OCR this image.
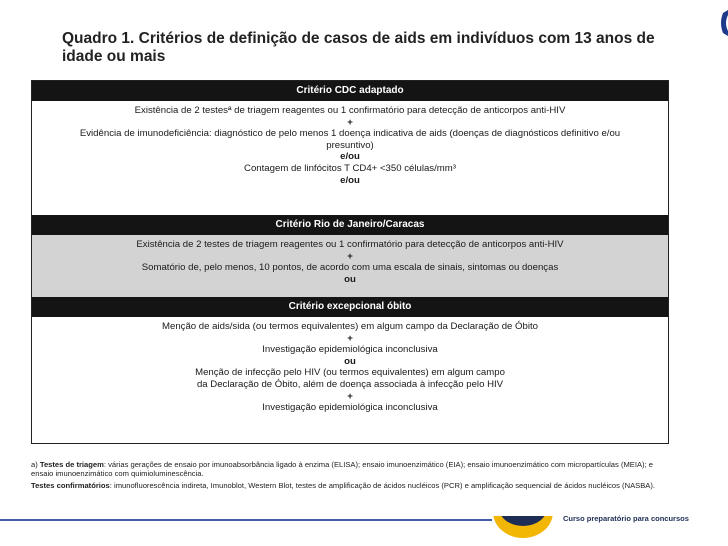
Quadro 1. Critérios de definição de casos de aids em indivíduos com 13 anos de idade ou mais
Critério CDC adaptado
Existência de 2 testesª de triagem reagentes ou 1 confirmatório para detecção de anticorpos anti-HIV
+
Evidência de imunodeficiência: diagnóstico de pelo menos 1 doença indicativa de aids (doenças de diagnósticos definitivo e/ou presuntivo)
e/ou
Contagem de linfócitos T CD4+ <350 células/mm³
e/ou
Critério Rio de Janeiro/Caracas
Existência de 2 testes de triagem reagentes ou 1 confirmatório para detecção de anticorpos anti-HIV
+
Somatório de, pelo menos, 10 pontos, de acordo com uma escala de sinais, sintomas ou doenças
ou
Critério excepcional óbito
Menção de aids/sida (ou termos equivalentes) em algum campo da Declaração de Óbito
+
Investigação epidemiológica inconclusiva
ou
Menção de infecção pelo HIV (ou termos equivalentes) em algum campo
da Declaração de Óbito, além de doença associada à infecção pelo HIV
+
Investigação epidemiológica inconclusiva

a) Testes de triagem: várias gerações de ensaio por imunoabsorbância ligado à enzima (ELISA); ensaio imunoenzimático (EIA); ensaio imunoenzimático com micropartículas (MEIA); e ensaio imunoenzimático com quimioluminescência.

Testes confirmatórios: imunofluorescência indireta, Imunoblot, Western Blot, testes de amplificação de ácidos nucléicos (PCR) e amplificação sequencial de ácidos nucléicos (NASBA).

Curso preparatório para concursos
